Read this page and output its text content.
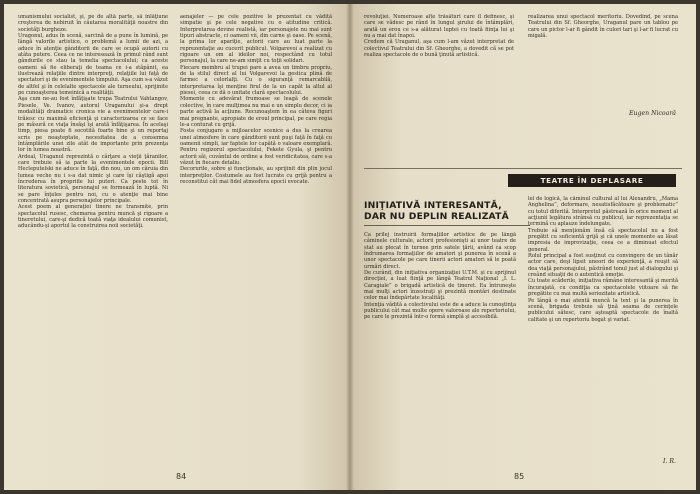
umanismului socialist, şi, pe de altă parte, să înlăţiune creşterea de nebiruit în căutarea moralităţii noastre din societăţi burgheze.
Uragonul, adus în scenă, sarcină de a pune în lumină, pe lângă valorile artistice, o problemă a lumii de azi, a aduce în atenţie gânditorii de care se ocupă autorii cu atâta putere. Ceea ce ne interesează în primul rând sunt gândurile ce stau la temelia spectacolului; ca aceste oameni să fie eliberaţi de teama ce i-a stăpânit, ea ilustrează relaţiile dintre interpreţi, relaţiile lui faţă de spectatori şi de evenimentele timpului. Aşa cum s-a văzut de altfel şi în celelalte spectacole ale turneului, sprijinite pe cunoaşterea temeinică a realităţii.
Aşa cum ne-au fost înfăţişate trupa Teatrului Vahtangov, Piesele, Ve. Ivanov, autorul Uraganului şi-a drept modalităţi dramatice cronica vie a evenimentelor care-i trăiesc cu maximă eficienţă şi caracterizarea ce se face pe măsură ce viaţa însăşi îşi arată înfăţişarea. În acelaşi timp, piesa poate fi socotită foarte bine şi un reportaj scris pe neaşteptate, necesitatea de a consemna întâmplările unei zile atât de importante prin prezenţa lor în lumea noastră.
Ardeal, Uraganul reprezintă o cărţare a vieţii ţăranilor, care trebuie să ia parte la evenimentele epocii. Bill Hecleputelski ne aduce în faţă, din nou, un om căruia din lumea veche nu i s-a dat nimic şi care îşi câştigă apoi încrederea în propriile lui puteri. Ca peste tot în literatura sovietică, personajul se formează în luptă. Ni se pare înţeles pentru noi, cu o atenţie mai bine concentrată asupra personajelor principale.
Acest poem al generaţiei tinere ne transmite, prin spectacolul rusesc, chemarea pentru muncă şi rigoare a tineretului, care-şi dedică toată viaţa idealului comunist, aducându-şi aportul la construirea noii societăţi.
aenajeler — pe cele pozitive le prezentat cu vădită simpatie şi pe cele negative cu o atitudine critică. Interpretarea devine realistă, iar personajele nu mai sunt tipuri abstracte, ci oameni vii, din carne şi oase. Pe scenă, la prima lor apariţie, actorii care au luat parte la reprezentaţie au cucerit publicul. Volgarevoi a realizat cu rigoare un om al ideilor noi, respectând cu totul personajul, la care ne-am simţit cu toţii solidari.
Fiecare membru al trupei pare a avea un timbru propriu, de la stilul direct al lui Volgarevoi la gestica plină de farmec a celorlalţi. Cu o siguranţă remarcabilă, interpretarea îşi menţine firul de la un capăt la altul al piesei, ceea ce dă o unitate clară spectacolului.
Momente cu adevărat frumoase se leagă de scenele colective, în care mulţimea nu mai e un simplu decor, ci ia parte activă la acţiune. Recunoaştem în ea câteva figuri mai pregnante, apropiate de eroul principal, pe care regia le-a conturat cu grijă.
Fosta conjugare a mijloacelor scenice a dus la crearea unei atmosfere în care gânditorii sunt puşi faţă în faţă cu oamenii simpli, iar faptele lor capătă o valoare exemplară. Pentru regizorul spectacolului, Fekete Gyula, şi pentru actorii săi, cuvântul de ordine a fost veridicitatea, care s-a văzut în fiecare detaliu.
Decorurile, sobre şi funcţionale, au sprijinit din plin jocul interpreţilor. Costumele au fost lucrate cu grijă pentru a reconstitui cât mai fidel atmosfera epocii evocate.
84
revoluţiei. Numeroase alte trăsături care îl definesc, şi care se vădesc pe rând în lungul şirului de întâmplări, arată un erou ce s-a alăturat luptei cu toată fiinţa lui şi nu a mai dat înapoi.
Credem că Uraganul, aşa cum l-am văzut interpretat de colectivul Teatrului din Sf. Gheorghe, a dovedit că se pot realiza spectacole de o bună ţinută artistică.
realizarea unui spectacol meritoriu. Dovedind, pe scena Teatrului din Sf. Gheorghe, Uraganul pare un tablou pe care un pictor l-ar fi gândit în culori tari şi l-ar fi lucrat cu migală.
Eugen Nicoară
TEATRE ÎN DEPLASARE
INIŢIATIVĂ INTERESANTĂ,
DAR NU DEPLIN REALIZATĂ
Ca prilej instruirii formaţiilor artistice de pe lângă căminele culturale, actorii profesionişti ai unor teatre de stat au plecat în turnee prin satele ţării, având ca scop îndrumarea formaţiilor de amatori şi punerea în scenă a unor spectacole pe care tinerii actori amatori să le poată urmări direct.
De curând, din iniţiativa organizaţiei U.T.M. şi cu sprijinul direcţiei, a luat fiinţă pe lângă Teatrul Naţional „I. L. Caragiale” o brigadă artistică de tineret. Ea întruneşte mai mulţi actori înzestraţi şi prezintă montări destinate celor mai îndepărtate localităţi.
Intenţia vădită a colectivului este de a aduce la cunoştinţa publicului cât mai multe opere valoroase ale repertoriului, pe care le prezintă într-o formă simplă şi accesibilă.
lel de logică, la căminul cultural al lui Alexandru, „Mama Anghelina”, deformare, nesatisfăcătoare şi problematic” cu totul diferită. Interpretul păstrează în orice moment al acţiunii legătura strânsă cu publicul, iar reprezentaţia se termină cu aplauze îndelungate.
Trebuie să menţionăm însă că spectacolul nu a fost pregătit cu suficientă grijă şi că unele momente au lăsat impresia de improvizaţie, ceea ce a diminuat efectul general.
Rolul principal a fost susţinut cu convingere de un tânăr actor care, deşi lipsit uneori de experienţă, a reuşit să dea viaţă personajului, păstrând tonul just al dialogului şi creând situaţii de o autentică emoţie.
Cu toate scăderile, iniţiativa rămâne interesantă şi merită încurajată, cu condiţia ca spectacolele viitoare să fie pregătite cu mai multă seriozitate artistică.
Pe lângă o mai atentă muncă la text şi la punerea în scenă, brigada trebuie să ţină seama de cerinţele publicului sătesc, care aşteaptă spectacole de înaltă calitate şi un repertoriu bogat şi variat.
I. R.
85
